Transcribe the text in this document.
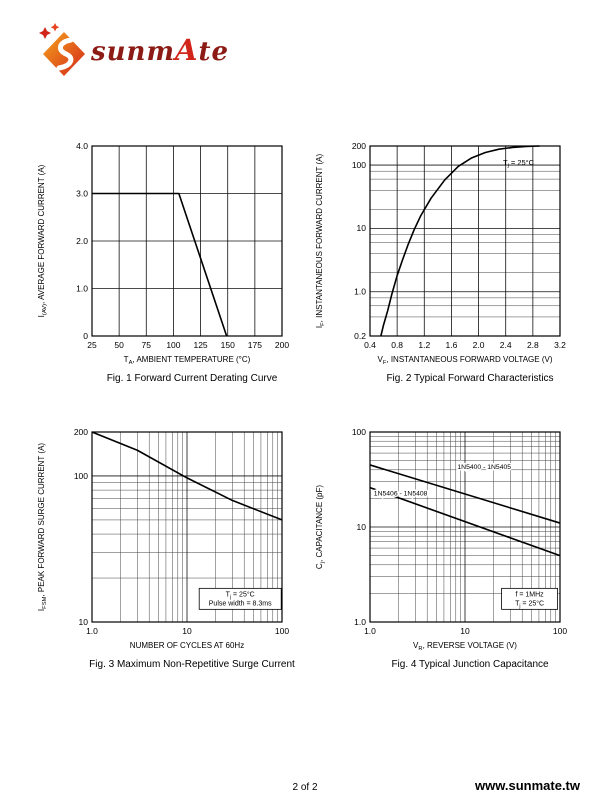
sunmAte
25 50 75 100 125 150 175 200
0
1.0
2.0
3.0
4.0
$T_A$, AMBIENT TEMPERATURE (°C)
$I_{(AV)}$, AVERAGE FORWARD CURRENT (A)
Fig. 1 Forward Current Derating Curve
0.4 0.8 1.2 1.6 2.0 2.4 2.8 3.2
0.2
1.0
10
100
200
$V_F$, INSTANTANEOUS FORWARD VOLTAGE (V)
$I_F$, INSTANTANEOUS FORWARD CURRENT (A)	$T_j = 25^\circ C$
Fig. 2 Typical Forward Characteristics
1.0	10	100
10
100
200
NUMBER OF CYCLES AT 60Hz
$I_{FSM}$, PEAK FORWARD SURGE CURRENT (A)	$T_j = 25^\circ C$
Pulse width = 8.3ms
Fig. 3 Maximum Non-Repetitive Surge Current
1.0	10	100
1.0
10
100
$V_R$, REVERSE VOLTAGE (V)
$C_j$, CAPACITANCE (pF)
1N5400 - 1N5405
1N5406 - 1N5408
f = 1MHz
$T_j = 25^\circ C$
Fig. 4 Typical Junction Capacitance
2 of 2	www.sunmate.tw
